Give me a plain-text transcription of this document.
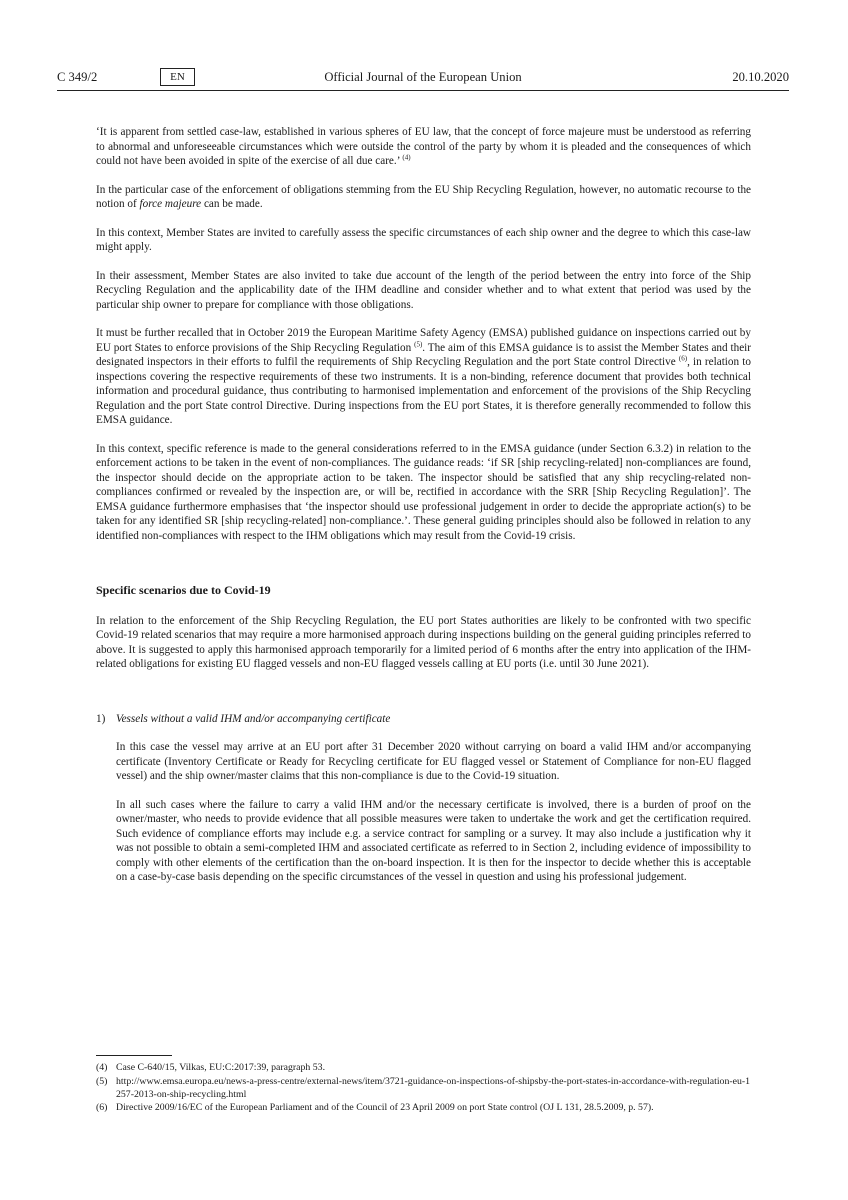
C 349/2	EN	Official Journal of the European Union	20.10.2020

‘It is apparent from settled case-law, established in various spheres of EU law, that the concept of force majeure must be understood as referring to abnormal and unforeseeable circumstances which were outside the control of the party by whom it is pleaded and the consequences of which could not have been avoided in spite of the exercise of all due care.’ $^{(4)}$

In the particular case of the enforcement of obligations stemming from the EU Ship Recycling Regulation, however, no automatic recourse to the notion of force majeure can be made.

In this context, Member States are invited to carefully assess the specific circumstances of each ship owner and the degree to which this case-law might apply.

In their assessment, Member States are also invited to take due account of the length of the period between the entry into force of the Ship Recycling Regulation and the applicability date of the IHM deadline and consider whether and to what extent that period was used by the particular ship owner to prepare for compliance with those obligations.

It must be further recalled that in October 2019 the European Maritime Safety Agency (EMSA) published guidance on inspections carried out by EU port States to enforce provisions of the Ship Recycling Regulation $^{(5)}$. The aim of this EMSA guidance is to assist the Member States and their designated inspectors in their efforts to fulfil the requirements of Ship Recycling Regulation and the port State control Directive $^{(6)}$, in relation to inspections covering the respective requirements of these two instruments. It is a non-binding, reference document that provides both technical information and procedural guidance, thus contributing to harmonised implementation and enforcement of the provisions of the Ship Recycling Regulation and the port State control Directive. During inspections from the EU port States, it is therefore generally recommended to follow this EMSA guidance.

In this context, specific reference is made to the general considerations referred to in the EMSA guidance (under Section 6.3.2) in relation to the enforcement actions to be taken in the event of non-compliances. The guidance reads: ‘if SR [ship recycling-related] non-compliances are found, the inspector should decide on the appropriate action to be taken. The inspector should be satisfied that any ship recycling-related non-compliances confirmed or revealed by the inspection are, or will be, rectified in accordance with the SRR [Ship Recycling Regulation]’. The EMSA guidance furthermore emphasises that ‘the inspector should use professional judgement in order to decide the appropriate action(s) to be taken for any identified SR [ship recycling-related] non-compliance.’. These general guiding principles should also be followed in relation to any identified non-compliances with respect to the IHM obligations which may result from the Covid-19 crisis.

Specific scenarios due to Covid-19

In relation to the enforcement of the Ship Recycling Regulation, the EU port States authorities are likely to be confronted with two specific Covid-19 related scenarios that may require a more harmonised approach during inspections building on the general guiding principles referred to above. It is suggested to apply this harmonised approach temporarily for a limited period of 6 months after the entry into application of the IHM-related obligations for existing EU flagged vessels and non-EU flagged vessels calling at EU ports (i.e. until 30 June 2021).

1) Vessels without a valid IHM and/or accompanying certificate

In this case the vessel may arrive at an EU port after 31 December 2020 without carrying on board a valid IHM and/or accompanying certificate (Inventory Certificate or Ready for Recycling certificate for EU flagged vessel or Statement of Compliance for non-EU flagged vessel) and the ship owner/master claims that this non-compliance is due to the Covid-19 situation.

In all such cases where the failure to carry a valid IHM and/or the necessary certificate is involved, there is a burden of proof on the owner/master, who needs to provide evidence that all possible measures were taken to undertake the work and get the certification required. Such evidence of compliance efforts may include e.g. a service contract for sampling or a survey. It may also include a justification why it was not possible to obtain a semi-completed IHM and associated certificate as referred to in Section 2, including evidence of impossibility to comply with other elements of the certification than the on-board inspection. It is then for the inspector to decide whether this is acceptable on a case-by-case basis depending on the specific circumstances of the vessel in question and using his professional judgement.

(4) Case C-640/15, Vilkas, EU:C:2017:39, paragraph 53.
(5) http://www.emsa.europa.eu/news-a-press-centre/external-news/item/3721-guidance-on-inspections-of-shipsby-the-port-states-in-accordance-with-regulation-eu-1257-2013-on-ship-recycling.html
(6) Directive 2009/16/EC of the European Parliament and of the Council of 23 April 2009 on port State control (OJ L 131, 28.5.2009, p. 57).
